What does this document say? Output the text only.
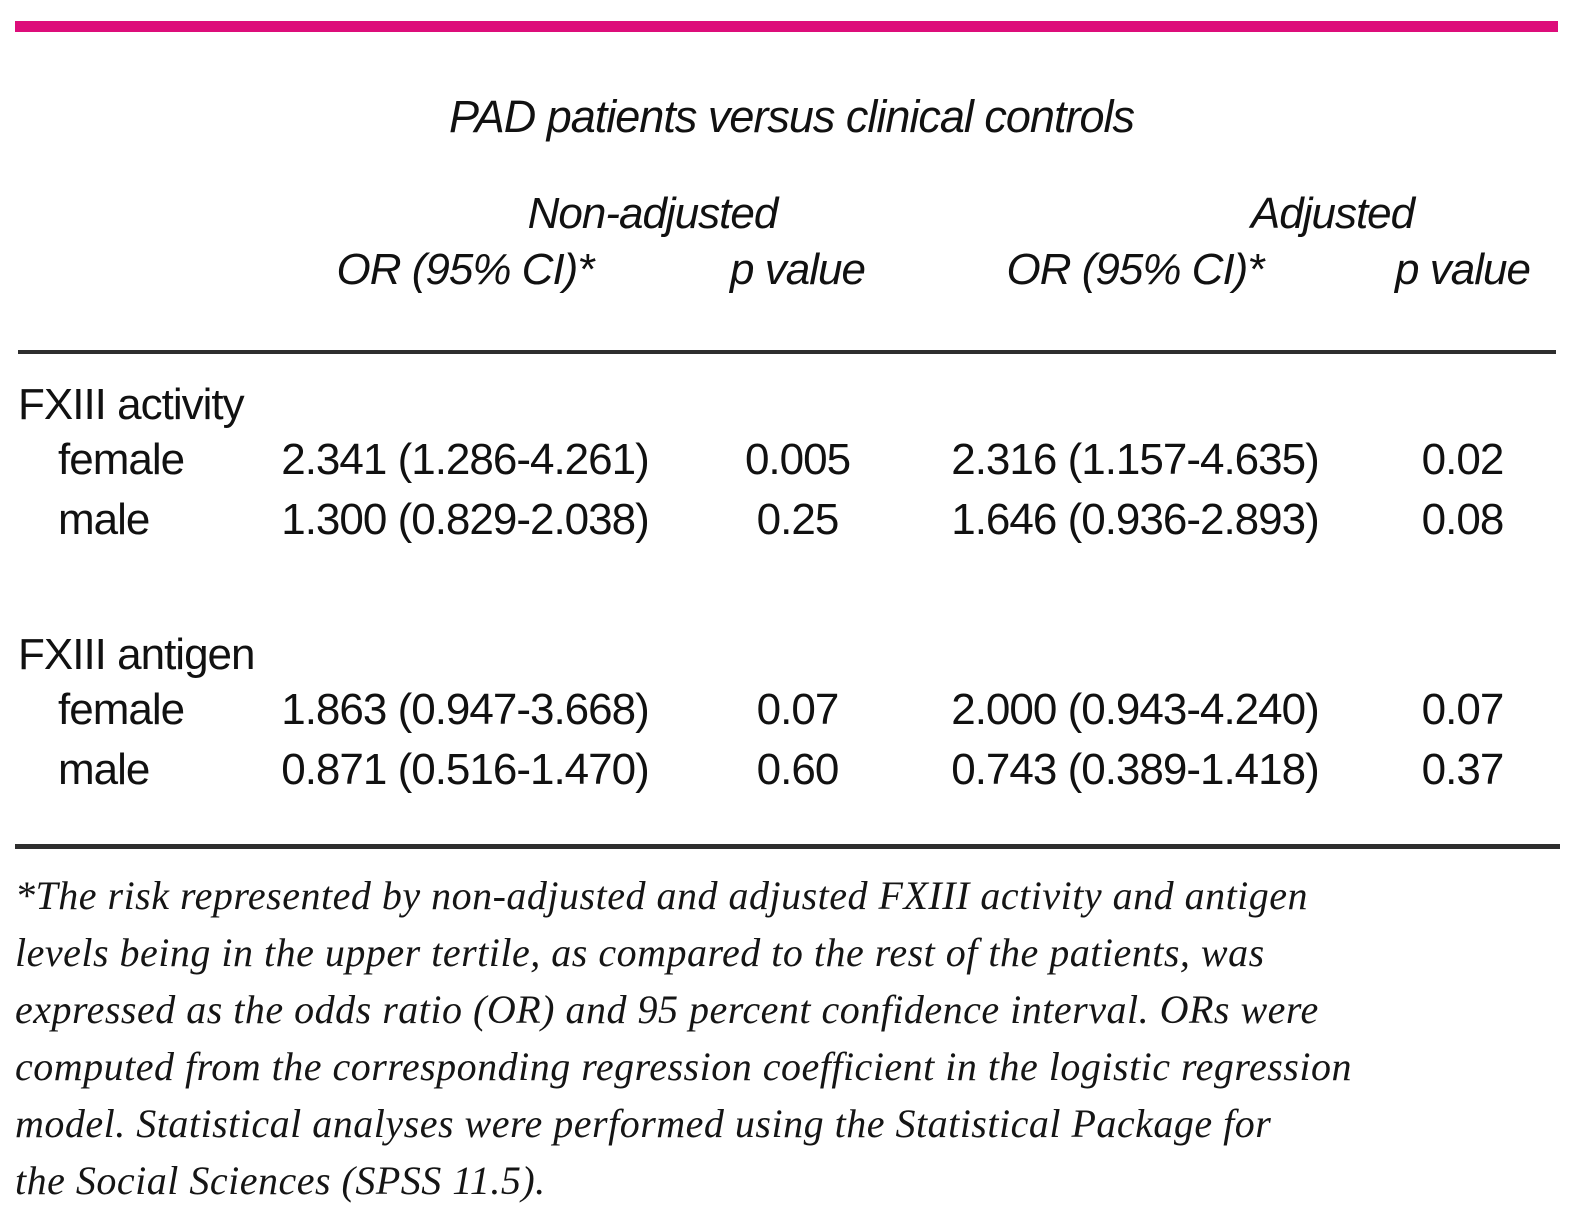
PAD patients versus clinical controls
Non-adjusted	Adjusted
OR (95% CI)*	p value	OR (95% CI)*	p value
FXIII activity
female	2.341 (1.286-4.261)	0.005	2.316 (1.157-4.635)	0.02
male	1.300 (0.829-2.038)	0.25	1.646 (0.936-2.893)	0.08
FXIII antigen
female	1.863 (0.947-3.668)	0.07	2.000 (0.943-4.240)	0.07
male	0.871 (0.516-1.470)	0.60	0.743 (0.389-1.418)	0.37
*The risk represented by non-adjusted and adjusted FXIII activity and antigen
levels being in the upper tertile, as compared to the rest of the patients, was
expressed as the odds ratio (OR) and 95 percent confidence interval. ORs were
computed from the corresponding regression coefficient in the logistic regression
model. Statistical analyses were performed using the Statistical Package for
the Social Sciences (SPSS 11.5).
